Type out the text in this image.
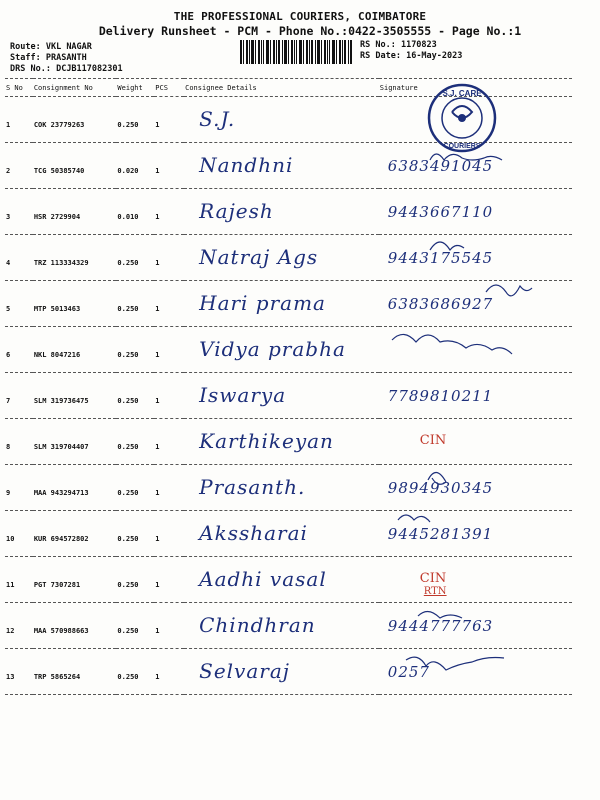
THE PROFESSIONAL COURIERS, COIMBATORE
Delivery Runsheet - PCM - Phone No.:0422-3505555 - Page No.:1
Route: VKL NAGAR
Staff: PRASANTH
DRS No.: DCJB117082301
RS No.: 1170823
RS Date: 16-May-2023
S No	Consignment No	Weight	PCS	Consignee Details	Signature
1	COK 23779263	0.250	1	S.J.	

2	TCG 50385740	0.020	1	Nandhni	6383491045

3	HSR 2729904	0.010	1	Rajesh	9443667110

4	TRZ 113334329	0.250	1	Natraj Ags	9443175545

5	MTP 5013463	0.250	1	Hari prama	6383686927

6	NKL 8047216	0.250	1	Vidya prabha	

7	SLM 319736475	0.250	1	Iswarya	7789810211

8	SLM 319704407	0.250	1	Karthikeyan	CIN

9	MAA 943294713	0.250	1	Prasanth.	9894930345

10	KUR 694572802	0.250	1	Akssharai	9445281391

11	PGT 7307281	0.250	1	Aadhi vasal	CIN
RTN

12	MAA 570988663	0.250	1	Chindhran	9444777763

13	TRP 5865264	0.250	1	Selvaraj	0257
S.J. CARE
COURIERS
